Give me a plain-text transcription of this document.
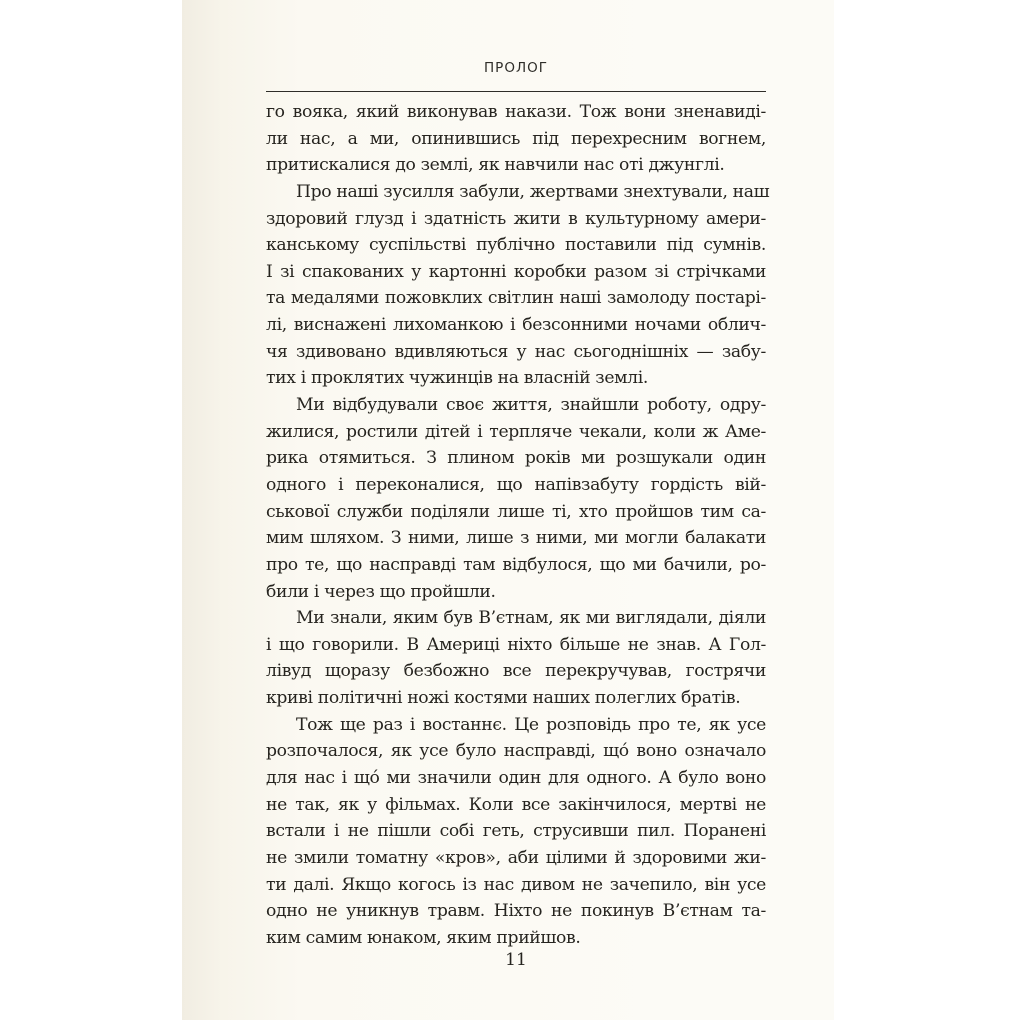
ПРОЛОГ
го вояка, який виконував накази. Тож вони зненавиді-
ли нас, а ми, опинившись під перехресним вогнем,
притискалися до землі, як навчили нас оті джунглі.
Про наші зусилля забули, жертвами знехтували, наш
здоровий глузд і здатність жити в культурному амери-
канському суспільстві публічно поставили під сумнів.
І зі спакованих у картонні коробки разом зі стрічками
та медалями пожовклих світлин наші замолоду постарі-
лі, виснажені лихоманкою і безсонними ночами облич-
чя здивовано вдивляються у нас сьогоднішніх — забу-
тих і проклятих чужинців на власній землі.
Ми відбудували своє життя, знайшли роботу, одру-
жилися, ростили дітей і терпляче чекали, коли ж Аме-
рика отямиться. З плином років ми розшукали один
одного і переконалися, що напівзабуту гордість вій-
ськової служби поділяли лише ті, хто пройшов тим са-
мим шляхом. З ними, лише з ними, ми могли балакати
про те, що насправді там відбулося, що ми бачили, ро-
били і через що пройшли.
Ми знали, яким був В’єтнам, як ми виглядали, діяли
і що говорили. В Америці ніхто більше не знав. А Гол-
лівуд щоразу безбожно все перекручував, гострячи
криві політичні ножі костями наших полеглих братів.
Тож ще раз і востаннє. Це розповідь про те, як усе
розпочалося, як усе було насправді, що́ воно означало
для нас і що́ ми значили один для одного. А було воно
не так, як у фільмах. Коли все закінчилося, мертві не
встали і не пішли собі геть, струсивши пил. Поранені
не змили томатну «кров», аби цілими й здоровими жи-
ти далі. Якщо когось із нас дивом не зачепило, він усе
одно не уникнув травм. Ніхто не покинув В’єтнам та-
ким самим юнаком, яким прийшов.
11
